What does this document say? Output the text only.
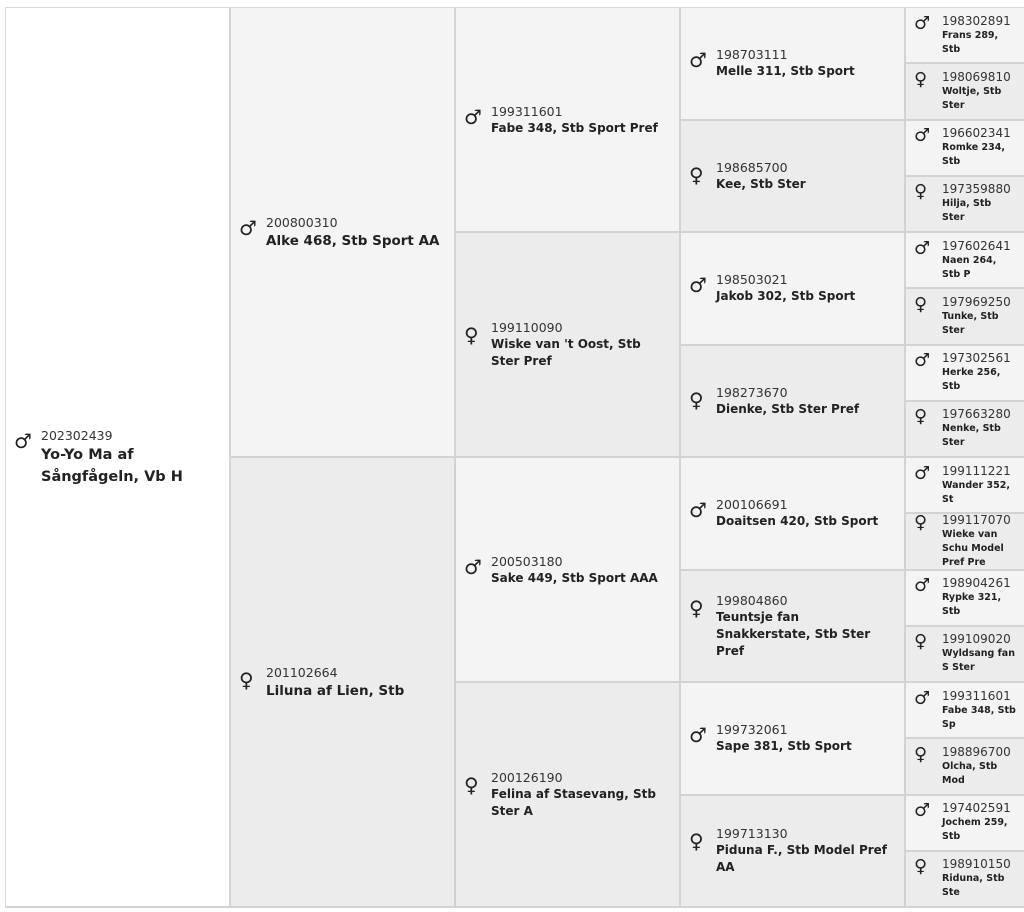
♂ 202302439
Yo-Yo Ma af Sångfågeln, Vb H
♂ 200800310
Alke 468, Stb Sport AA
♀ 201102664
Liluna af Lien, Stb
♂ 199311601
Fabe 348, Stb Sport Pref
♀ 199110090
Wiske van 't Oost, Stb Ster Pref
♂ 200503180
Sake 449, Stb Sport AAA
♀ 200126190
Felina af Stasevang, Stb Ster A
♂ 198703111
Melle 311, Stb Sport
♀ 198685700
Kee, Stb Ster
♂ 198503021
Jakob 302, Stb Sport
♀ 198273670
Dienke, Stb Ster Pref
♂ 200106691
Doaitsen 420, Stb Sport
♀ 199804860
Teuntsje fan Snakkerstate, Stb Ster Pref
♂ 199732061
Sape 381, Stb Sport
♀ 199713130
Piduna F., Stb Model Pref AA
♂ 198302891
Frans 289, Stb
♀	198069810
Woltje, Stb Ster
♂ 196602341
Romke 234, Stb
♀	197359880
Hilja, Stb Ster
♂ 197602641
Naen 264, Stb P
♀	197969250
Tunke, Stb Ster
♂ 197302561
Herke 256, Stb
♀	197663280
Nenke, Stb Ster
♂ 199111221
Wander 352, St
♀	199117070
Wieke van Schu Model Pref Pre
♂ 198904261
Rypke 321, Stb
♀	199109020
Wyldsang fan S Ster
♂ 199311601
Fabe 348, Stb Sp
♀	198896700
Olcha, Stb Mod
♂ 197402591
Jochem 259, Stb
♀	198910150
Riduna, Stb Ste
